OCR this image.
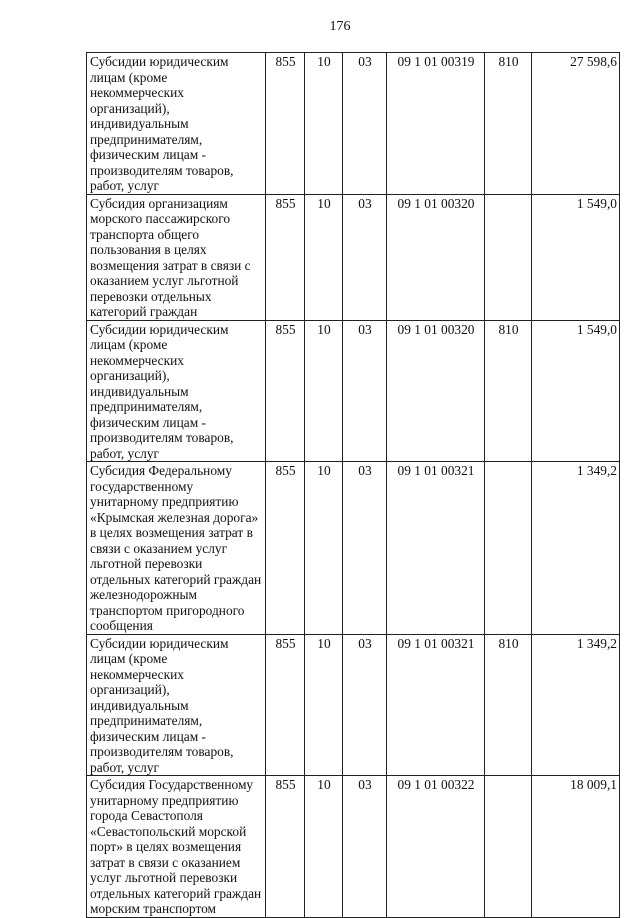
176
Субсидии юридическим лицам (кроме некоммерческих организаций), индивидуальным предпринимателям, физическим лицам - производителям товаров, работ, услуг	855	10	03	09 1 01 00319	810	27 598,6
Субсидия организациям морского пассажирского транспорта общего пользования в целях возмещения затрат в связи с оказанием услуг льготной перевозки отдельных категорий граждан	855	10	03	09 1 01 00320		1 549,0
Субсидии юридическим лицам (кроме некоммерческих организаций), индивидуальным предпринимателям, физическим лицам - производителям товаров, работ, услуг	855	10	03	09 1 01 00320	810	1 549,0
Субсидия Федеральному государственному унитарному предприятию «Крымская железная дорога» в целях возмещения затрат в связи с оказанием услуг льготной перевозки отдельных категорий граждан железнодорожным транспортом пригородного сообщения	855	10	03	09 1 01 00321		1 349,2
Субсидии юридическим лицам (кроме некоммерческих организаций), индивидуальным предпринимателям, физическим лицам - производителям товаров, работ, услуг	855	10	03	09 1 01 00321	810	1 349,2
Субсидия Государственному унитарному предприятию города Севастополя «Севастопольский морской порт» в целях возмещения затрат в связи с оказанием услуг льготной перевозки отдельных категорий граждан морским транспортом	855	10	03	09 1 01 00322		18 009,1
